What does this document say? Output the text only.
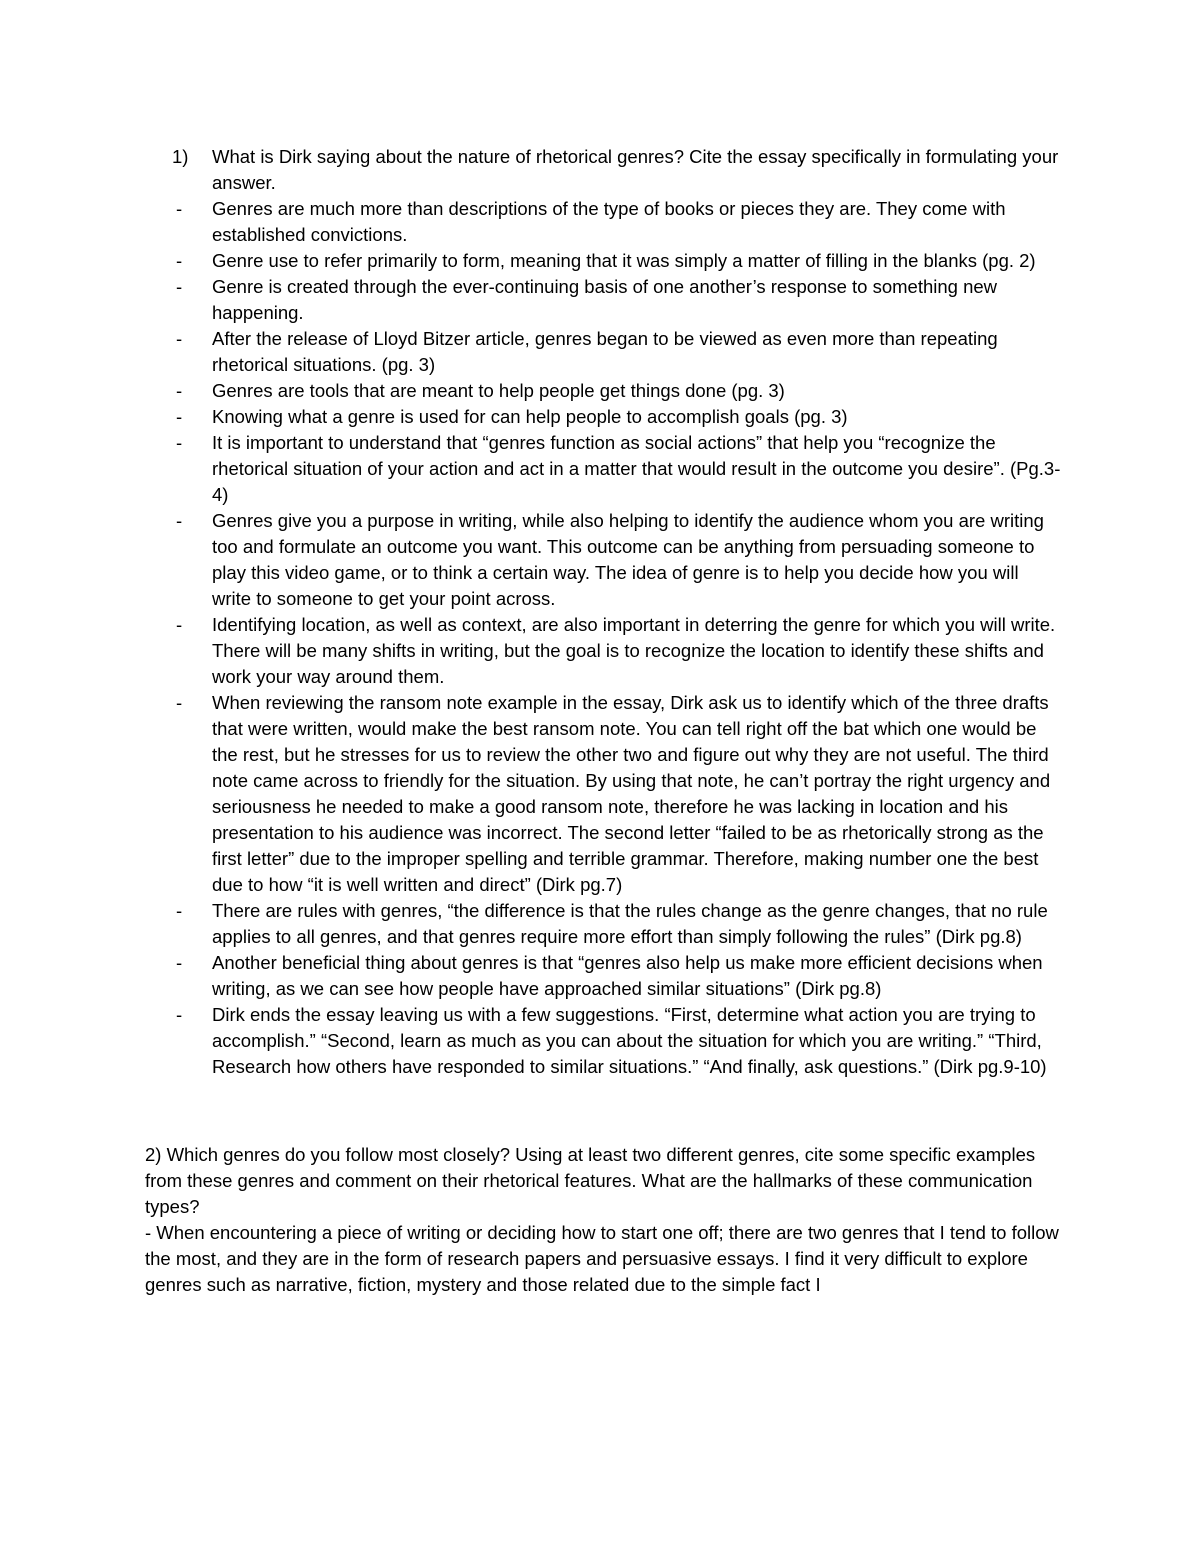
1)	What is Dirk saying about the nature of rhetorical genres? Cite the essay specifically in formulating your answer.
-	Genres are much more than descriptions of the type of books or pieces they are. They come with established convictions.
-	Genre use to refer primarily to form, meaning that it was simply a matter of filling in the blanks (pg. 2)
-	Genre is created through the ever-continuing basis of one another’s response to something new happening.
-	After the release of Lloyd Bitzer article, genres began to be viewed as even more than repeating rhetorical situations. (pg. 3)
-	Genres are tools that are meant to help people get things done (pg. 3)
-	Knowing what a genre is used for can help people to accomplish goals (pg. 3)
-	It is important to understand that “genres function as social actions” that help you “recognize the rhetorical situation of your action and act in a matter that would result in the outcome you desire”. (Pg.3-4)
-	Genres give you a purpose in writing, while also helping to identify the audience whom you are writing too and formulate an outcome you want. This outcome can be anything from persuading someone to play this video game, or to think a certain way. The idea of genre is to help you decide how you will write to someone to get your point across.
-	Identifying location, as well as context, are also important in deterring the genre for which you will write. There will be many shifts in writing, but the goal is to recognize the location to identify these shifts and work your way around them.
-	When reviewing the ransom note example in the essay, Dirk ask us to identify which of the three drafts that were written, would make the best ransom note. You can tell right off the bat which one would be the rest, but he stresses for us to review the other two and figure out why they are not useful. The third note came across to friendly for the situation. By using that note, he can’t portray the right urgency and seriousness he needed to make a good ransom note, therefore he was lacking in location and his presentation to his audience was incorrect. The second letter “failed to be as rhetorically strong as the first letter” due to the improper spelling and terrible grammar. Therefore, making number one the best due to how “it is well written and direct” (Dirk pg.7)
-	There are rules with genres, “the difference is that the rules change as the genre changes, that no rule applies to all genres, and that genres require more effort than simply following the rules” (Dirk pg.8)
-	Another beneficial thing about genres is that “genres also help us make more efficient decisions when writing, as we can see how people have approached similar situations” (Dirk pg.8)
-	Dirk ends the essay leaving us with a few suggestions. “First, determine what action you are trying to accomplish.” “Second, learn as much as you can about the situation for which you are writing.” “Third, Research how others have responded to similar situations.” “And finally, ask questions.” (Dirk pg.9-10)

2) Which genres do you follow most closely? Using at least two different genres, cite some specific examples from these genres and comment on their rhetorical features. What are the hallmarks of these communication types?

- When encountering a piece of writing or deciding how to start one off; there are two genres that I tend to follow the most, and they are in the form of research papers and persuasive essays. I find it very difficult to explore genres such as narrative, fiction, mystery and those related due to the simple fact I
